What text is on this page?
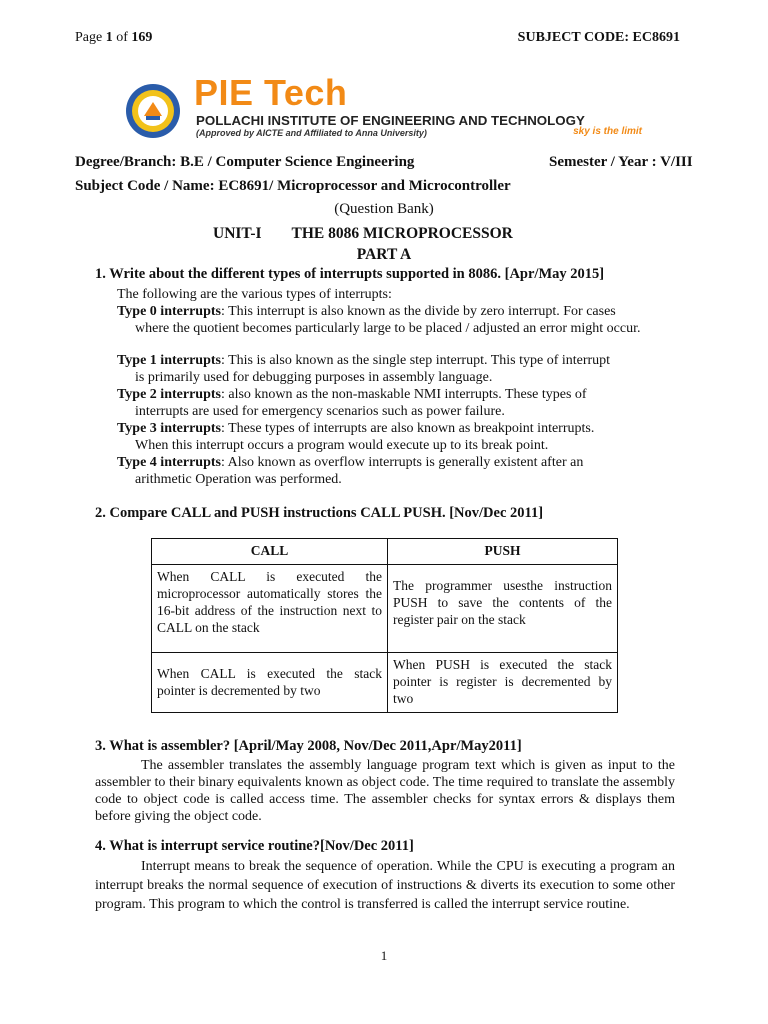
Page 1 of 169	SUBJECT CODE: EC8691
PIE Tech
POLLACHI INSTITUTE OF ENGINEERING AND TECHNOLOGY
(Approved by AICTE and Affiliated to Anna University)	sky is the limit
Degree/Branch: B.E / Computer Science Engineering	Semester / Year : V/III
Subject Code / Name: EC8691/ Microprocessor and Microcontroller
(Question Bank)
UNIT-I THE 8086 MICROPROCESSOR
PART A
1. Write about the different types of interrupts supported in 8086. [Apr/May 2015]
The following are the various types of interrupts:
Type 0 interrupts: This interrupt is also known as the divide by zero interrupt. For cases
where the quotient becomes particularly large to be placed / adjusted an error might occur.
Type 1 interrupts: This is also known as the single step interrupt. This type of interrupt
is primarily used for debugging purposes in assembly language.
Type 2 interrupts: also known as the non-maskable NMI interrupts. These types of
interrupts are used for emergency scenarios such as power failure.
Type 3 interrupts: These types of interrupts are also known as breakpoint interrupts.
When this interrupt occurs a program would execute up to its break point.
Type 4 interrupts: Also known as overflow interrupts is generally existent after an
arithmetic Operation was performed.
2. Compare CALL and PUSH instructions CALL PUSH. [Nov/Dec 2011]
CALL	PUSH
When CALL is executed the microprocessor automatically stores the 16-bit address of the instruction next to CALL on the stack	The programmer usesthe instruction PUSH to save the contents of the register pair on the stack
When CALL is executed the stack pointer is decremented by two	When PUSH is executed the stack pointer is register is decremented by two
3. What is assembler? [April/May 2008, Nov/Dec 2011,Apr/May2011]
The assembler translates the assembly language program text which is given as input to the assembler to their binary equivalents known as object code. The time required to translate the assembly code to object code is called access time. The assembler checks for syntax errors & displays them before giving the object code.
4. What is interrupt service routine?[Nov/Dec 2011]
Interrupt means to break the sequence of operation. While the CPU is executing a program an interrupt breaks the normal sequence of execution of instructions & diverts its execution to some other program. This program to which the control is transferred is called the interrupt service routine.
1
